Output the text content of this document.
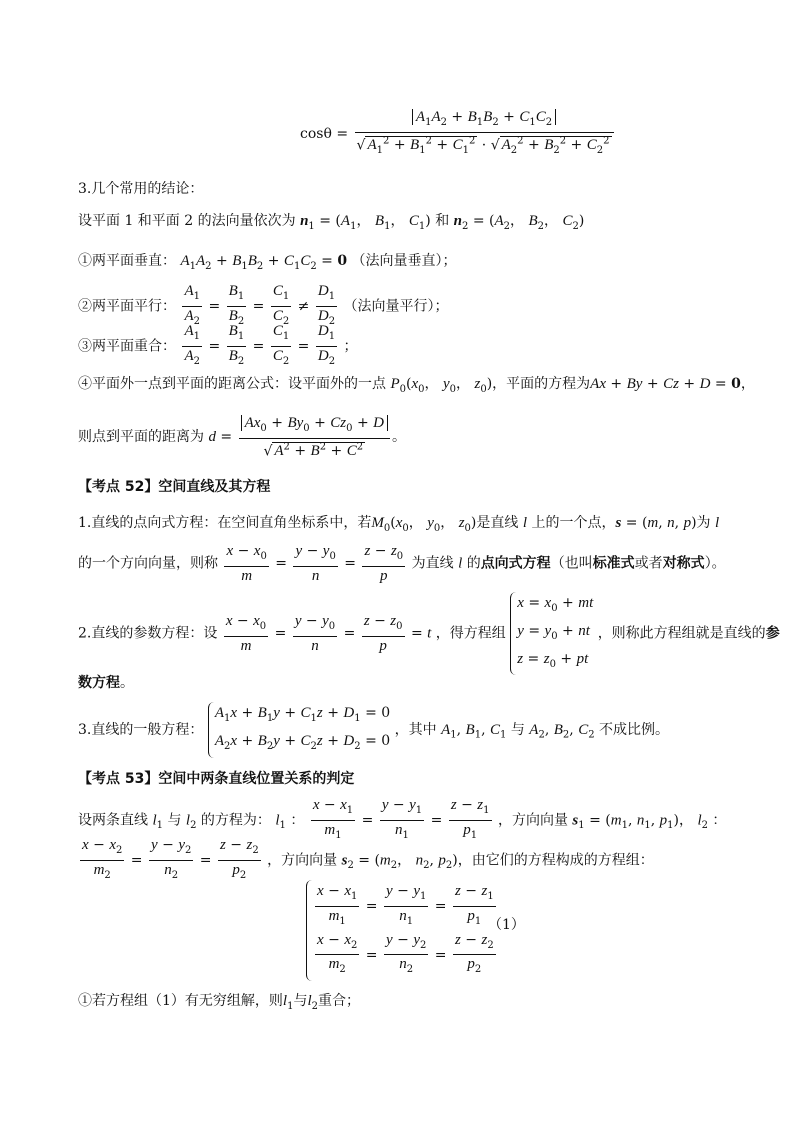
$\cos\theta = \frac{A_1A_2 + B_1B_2 + C_1C_2}{√ A_1^2 + B_1^2 + C_1^2 \cdot √ A_2^2 + B_2^2 + C_2^2}$
3.几个常用的结论：
设平面 1 和平面 2 的法向量依次为 $n_1 = (A_1$， $B_1$， $C_1$) 和 $n_2 = (A_2$， $B_2$， $C_2$)
①两平面垂直： $A_1A_2 + B_1B_2 + C_1C_2 = 0$ （法向量垂直）；
②两平面平行： $\frac{A_1}{A_2} = \frac{B_1}{B_2} = \frac{C_1}{C_2} \ne \frac{D_1}{D_2}$ （法向量平行）；
③两平面重合： $\frac{A_1}{A_2} = \frac{B_1}{B_2} = \frac{C_1}{C_2} = \frac{D_1}{D_2}$ ；
④平面外一点到平面的距离公式：设平面外的一点 $P_0(x_0$， $y_0$， $z_0$)，平面的方程为Ax + By + Cz + D = 0，
则点到平面的距离为 $d = \frac{Ax_0 + By_0 + Cz_0 + D}{√ A^2 + B^2 + C^2}$ 。
【考点 52】空间直线及其方程
1.直线的点向式方程：在空间直角坐标系中，若$M_0(x_0$， $y_0$， $z_0$)是直线 l 上的一个点，s = (m, n, p)为 l
的一个方向向量，则称 $\frac{x - x_0}{m} = \frac{y - y_0}{n} = \frac{z - z_0}{p}$ 为直线 l 的点向式方程（也叫标准式或者对称式）。
2.直线的参数方程：设 $\frac{x - x_0}{m} = \frac{y - y_0}{n} = \frac{z - z_0}{p} = t$ ，得方程组
$x = x_0$ + mt
$y = y_0$ + nt
$z = z_0$ + pt
，则称此方程组就是直线的参
数方程。
3.直线的一般方程：
$A_1x + B_1y + C_1z + D_1 = 0$
$A_2x + B_2y + C_2z + D_2 = 0$
，其中 $A_1$, $B_1$, $C_1$ 与 $A_2$, $B_2$, $C_2$ 不成比例。
【考点 53】空间中两条直线位置关系的判定
设两条直线 $l_1$ 与 $l_2$ 的方程为： $l_1$ ： $\frac{x - x_1}{m_1} = \frac{y - y_1}{n_1} = \frac{z - z_1}{p_1}$ ，方向向量 $s_1 = (m_1$, $n_1$, $p_1$)， $l_2$ ：
$\frac{x - x_2}{m_2} = \frac{y - y_2}{n_2} = \frac{z - z_2}{p_2}$ ，方向向量 $s_2 = (m_2$， $n_2$, $p_2$)，由它们的方程构成的方程组：
$\frac{x - x_1}{m_1} = \frac{y - y_1}{n_1} = \frac{z - z_1}{p_1}$
$\frac{x - x_2}{m_2} = \frac{y - y_2}{n_2} = \frac{z - z_2}{p_2}$
（1）
①若方程组（1）有无穷组解，则$l_1$与$l_2$重合；
